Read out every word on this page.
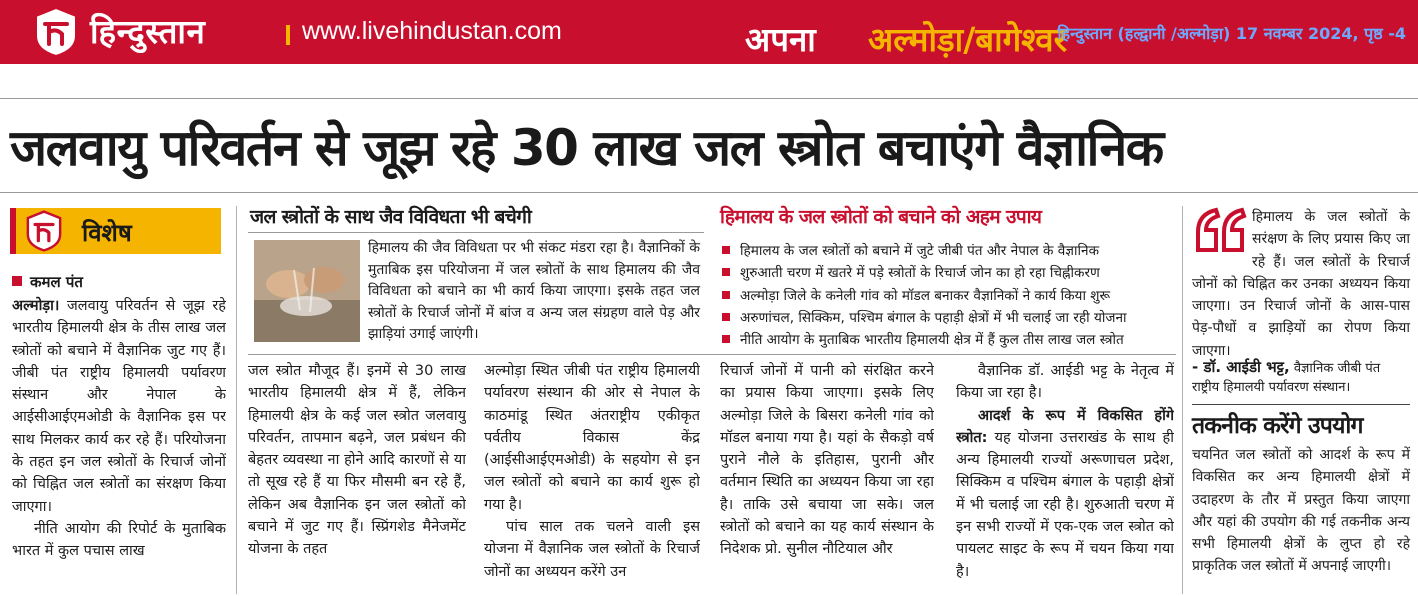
हिन्दुस्तान	www.livehindustan.com	अपना अल्मोड़ा/बागेश्वर
हिन्दुस्तान (हल्द्वानी /अल्मोड़ा) 17 नवम्बर 2024, पृष्ठ -4
जलवायु परिवर्तन से जूझ रहे 30 लाख जल स्त्रोत बचाएंगे वैज्ञानिक
विशेष
कमल पंत

अल्मोड़ा। जलवायु परिवर्तन से जूझ रहे भारतीय हिमालयी क्षेत्र के तीस लाख जल स्त्रोतों को बचाने में वैज्ञानिक जुट गए हैं। जीबी पंत राष्ट्रीय हिमालयी पर्यावरण संस्थान और नेपाल के आईसीआईएमओडी के वैज्ञानिक इस पर साथ मिलकर कार्य कर रहे हैं। परियोजना के तहत इन जल स्त्रोतों के रिचार्ज जोनों को चिह्नित जल स्त्रोतों का संरक्षण किया जाएगा।

नीति आयोग की रिपोर्ट के मुताबिक भारत में कुल पचास लाख

जल स्त्रोतों के साथ जैव विविधता भी बचेगी
हिमालय की जैव विविधता पर भी संकट मंडरा रहा है। वैज्ञानिकों के मुताबिक इस परियोजना में जल स्त्रोतों के साथ हिमालय की जैव विविधता को बचाने का भी कार्य किया जाएगा। इसके तहत जल स्त्रोतों के रिचार्ज जोनों में बांज व अन्य जल संग्रहण वाले पेड़ और झाड़ियां उगाई जाएंगी।
हिमालय के जल स्त्रोतों को बचाने को अहम उपाय
हिमालय के जल स्त्रोतों को बचाने में जुटे जीबी पंत और नेपाल के वैज्ञानिक
शुरुआती चरण में खतरे में पड़े स्त्रोतों के रिचार्ज जोन का हो रहा चिह्नीकरण
अल्मोड़ा जिले के कनेली गांव को मॉडल बनाकर वैज्ञानिकों ने कार्य किया शुरू
अरुणांचल, सिक्किम, पश्चिम बंगाल के पहाड़ी क्षेत्रों में भी चलाई जा रही योजना
नीति आयोग के मुताबिक भारतीय हिमालयी क्षेत्र में हैं कुल तीस लाख जल स्त्रोत
जल स्त्रोत मौजूद हैं। इनमें से 30 लाख भारतीय हिमालयी क्षेत्र में हैं, लेकिन हिमालयी क्षेत्र के कई जल स्त्रोत जलवायु परिवर्तन, तापमान बढ़ने, जल प्रबंधन की बेहतर व्यवस्था ना होने आदि कारणों से या तो सूख रहे हैं या फिर मौसमी बन रहे हैं, लेकिन अब वैज्ञानिक इन जल स्त्रोतों को बचाने में जुट गए हैं। स्प्रिंगशेड मैनेजमेंट योजना के तहत

अल्मोड़ा स्थित जीबी पंत राष्ट्रीय हिमालयी पर्यावरण संस्थान की ओर से नेपाल के काठमांडू स्थित अंतराष्ट्रीय एकीकृत पर्वतीय विकास केंद्र (आईसीआईएमओडी) के सहयोग से इन जल स्त्रोतों को बचाने का कार्य शुरू हो गया है।

पांच साल तक चलने वाली इस योजना में वैज्ञानिक जल स्त्रोतों के रिचार्ज जोनों का अध्ययन करेंगे उन

रिचार्ज जोनों में पानी को संरक्षित करने का प्रयास किया जाएगा। इसके लिए अल्मोड़ा जिले के बिसरा कनेली गांव को मॉडल बनाया गया है। यहां के सैकड़ो वर्ष पुराने नौले के इतिहास, पुरानी और वर्तमान स्थिति का अध्ययन किया जा रहा है। ताकि उसे बचाया जा सके। जल स्त्रोतों को बचाने का यह कार्य संस्थान के निदेशक प्रो. सुनील नौटियाल और

वैज्ञानिक डॉ. आईडी भट्ट के नेतृत्व में किया जा रहा है।

आदर्श के रूप में विकसित होंगे स्त्रोत: यह योजना उत्तराखंड के साथ ही अन्य हिमालयी राज्यों अरूणाचल प्रदेश, सिक्किम व पश्चिम बंगाल के पहाड़ी क्षेत्रों में भी चलाई जा रही है। शुरुआती चरण में इन सभी राज्यों में एक-एक जल स्त्रोत को पायलट साइट के रूप में चयन किया गया है।

हिमालय के जल स्त्रोतों के सरंक्षण के लिए प्रयास किए जा रहे हैं। जल स्त्रोतों के रिचार्ज जोनों को चिह्नित कर उनका अध्ययन किया जाएगा। उन रिचार्ज जोनों के आस-पास पेड़-पौधों व झाड़ियों का रोपण किया जाएगा।
- डॉ. आईडी भट्ट, वैज्ञानिक जीबी पंत राष्ट्रीय हिमालयी पर्यावरण संस्थान।
तकनीक करेंगे उपयोग
चयनित जल स्त्रोतों को आदर्श के रूप में विकसित कर अन्य हिमालयी क्षेत्रों में उदाहरण के तौर में प्रस्तुत किया जाएगा और यहां की उपयोग की गई तकनीक अन्य सभी हिमालयी क्षेत्रों के लुप्त हो रहे प्राकृतिक जल स्त्रोतों में अपनाई जाएगी।
